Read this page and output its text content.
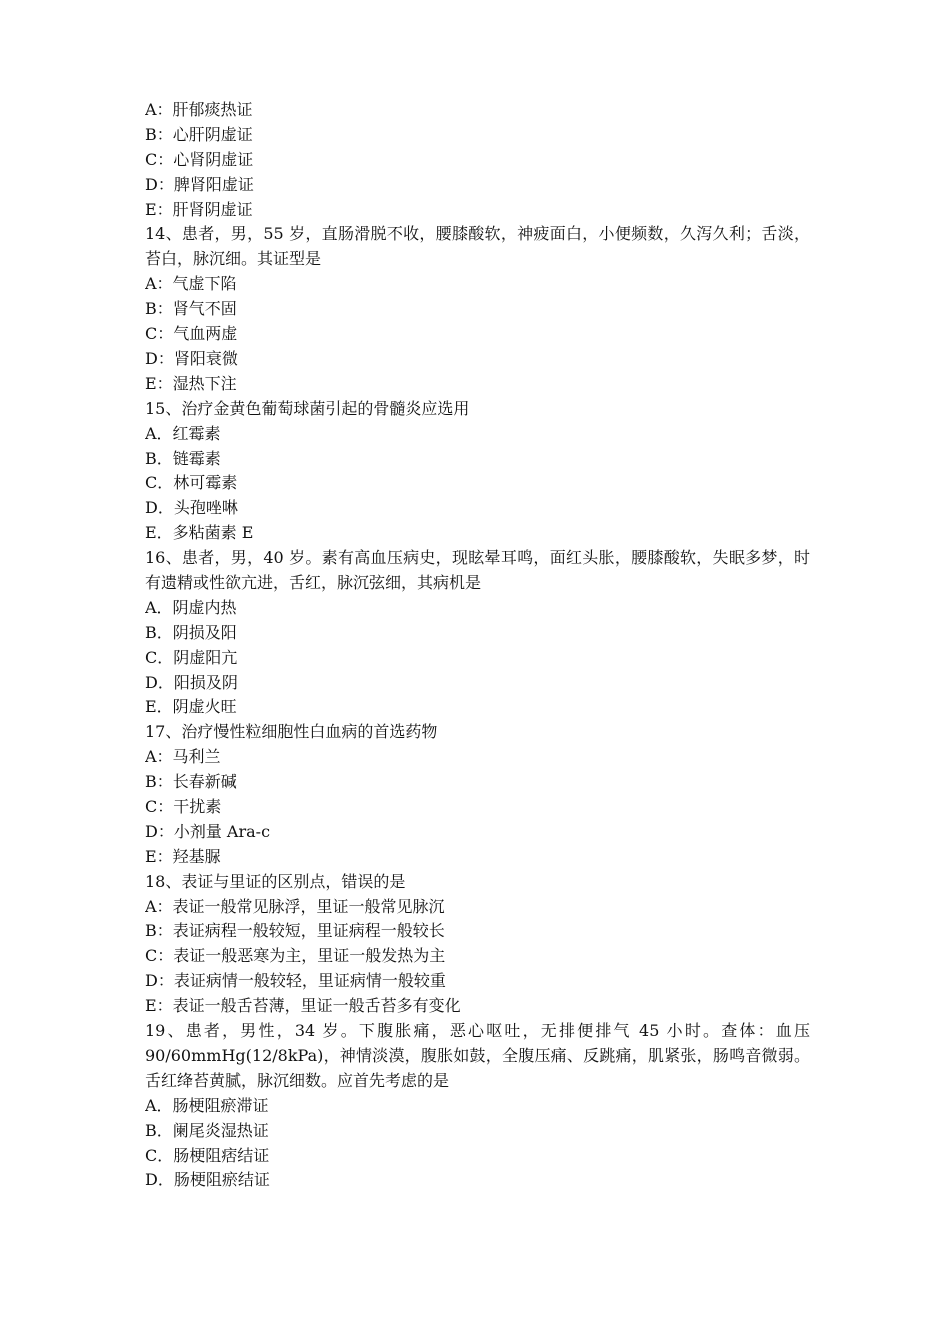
A：肝郁痰热证
B：心肝阴虚证
C：心肾阴虚证
D：脾肾阳虚证
E：肝肾阴虚证
14、患者，男，55 岁，直肠滑脱不收，腰膝酸软，神疲面白，小便频数，久泻久利；舌淡，苔白，脉沉细。其证型是
A：气虚下陷
B：肾气不固
C：气血两虚
D：肾阳衰微
E：湿热下注
15、治疗金黄色葡萄球菌引起的骨髓炎应选用
A．红霉素
B．链霉素
C．林可霉素
D．头孢唑啉
E．多粘菌素 E
16、患者，男，40 岁。素有高血压病史，现眩晕耳鸣，面红头胀，腰膝酸软，失眠多梦，时有遗精或性欲亢进，舌红，脉沉弦细，其病机是
A．阴虚内热
B．阴损及阳
C．阴虚阳亢
D．阳损及阴
E．阴虚火旺
17、治疗慢性粒细胞性白血病的首选药物
A：马利兰
B：长春新碱
C：干扰素
D：小剂量 Ara-c
E：羟基脲
18、表证与里证的区别点，错误的是
A：表证一般常见脉浮，里证一般常见脉沉
B：表证病程一般较短，里证病程一般较长
C：表证一般恶寒为主，里证一般发热为主
D：表证病情一般较轻，里证病情一般较重
E：表证一般舌苔薄，里证一般舌苔多有变化
19、患者，男性，34 岁。下腹胀痛，恶心呕吐，无排便排气 45 小时。查体：血压 90/60mmHg(12/8kPa)，神情淡漠，腹胀如鼓，全腹压痛、反跳痛，肌紧张，肠鸣音微弱。舌红绛苔黄腻，脉沉细数。应首先考虑的是
A．肠梗阻瘀滞证
B．阑尾炎湿热证
C．肠梗阻痞结证
D．肠梗阻瘀结证
